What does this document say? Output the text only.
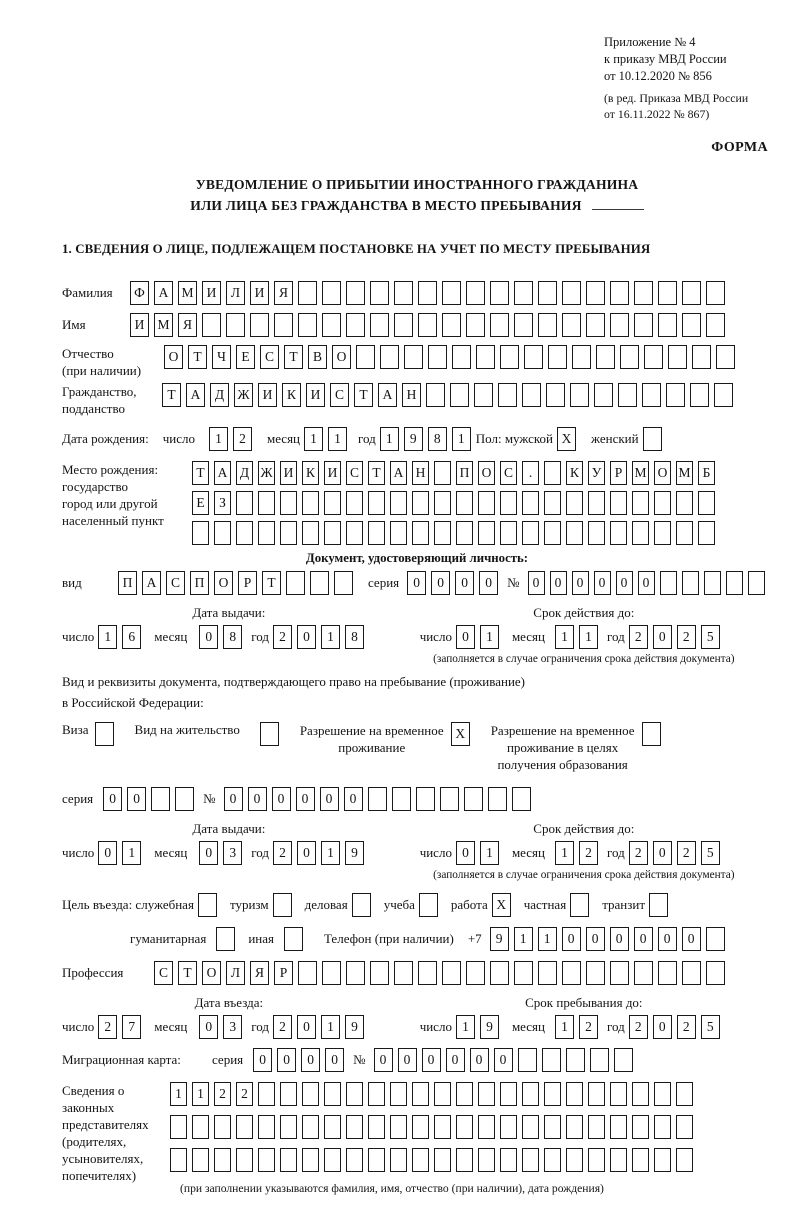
Приложение № 4
к приказу МВД России
от 10.12.2020 № 856
(в ред. Приказа МВД России
от 16.11.2022 № 867)
ФОРМА
УВЕДОМЛЕНИЕ О ПРИБЫТИИ ИНОСТРАННОГО ГРАЖДАНИНА
ИЛИ ЛИЦА БЕЗ ГРАЖДАНСТВА В МЕСТО ПРЕБЫВАНИЯ
1. СВЕДЕНИЯ О ЛИЦЕ, ПОДЛЕЖАЩЕМ ПОСТАНОВКЕ НА УЧЕТ ПО МЕСТУ ПРЕБЫВАНИЯ
Фамилия	Ф	А М И	Л	И	Я
Имя	И М Я
Отчество
(при наличии)
О	Т	Ч	Е	С	Т	В	О
Гражданство,
подданство
Т	А	Д Ж И	К	И	С	Т	А	Н
Дата рождения: число	1	2	месяц 1	1	год 1	9	8	1 Пол: мужской X	женский
Место рождения:
государство
город или другой
населенный пункт
Т А Д Ж И К И С Т А Н	П О С	.	К У Р М О М Б
Е	З
Документ, удостоверяющий личность:
вид	П	А	С	П	О	Р	Т	серия	0	0	0	0	№ 0	0	0	0	0	0
Дата выдачи:
число 1	6	месяц	0	8	год 2	0	1	8
Срок действия до:
число 0	1	месяц	1	1	год 2	0	2	5
(заполняется в случае ограничения срока действия документа)
Вид и реквизиты документа, подтверждающего право на пребывание (проживание)
в Российской Федерации:
Виза	Вид на жительство	Разрешение на временное
проживание
X	Разрешение на временное
проживание в целях
получения образования
серия	0	0	№	0	0	0	0	0	0
Дата выдачи:
число 0	1	месяц	0	3	год 2	0	1	9
Срок действия до:
число 0	1	месяц	1	2	год 2	0	2	5
(заполняется в случае ограничения срока действия документа)
Цель въезда: служебная	туризм	деловая	учеба	работа X	частная	транзит
гуманитарная	иная	Телефон (при наличии) +7	9	1	1	0	0	0	0	0	0
Профессия	С	Т	О	Л	Я	Р
Дата въезда:
число 2	7	месяц	0	3	год 2	0	1	9
Срок пребывания до:
число 1	9	месяц	1	2	год 2	0	2	5
Миграционная карта:	серия	0	0	0	0	№	0	0	0	0	0	0
Сведения о
законных
представителях
(родителях,
усыновителях,
попечителях)
1	1	2	2
(при заполнении указываются фамилия, имя, отчество (при наличии), дата рождения)
